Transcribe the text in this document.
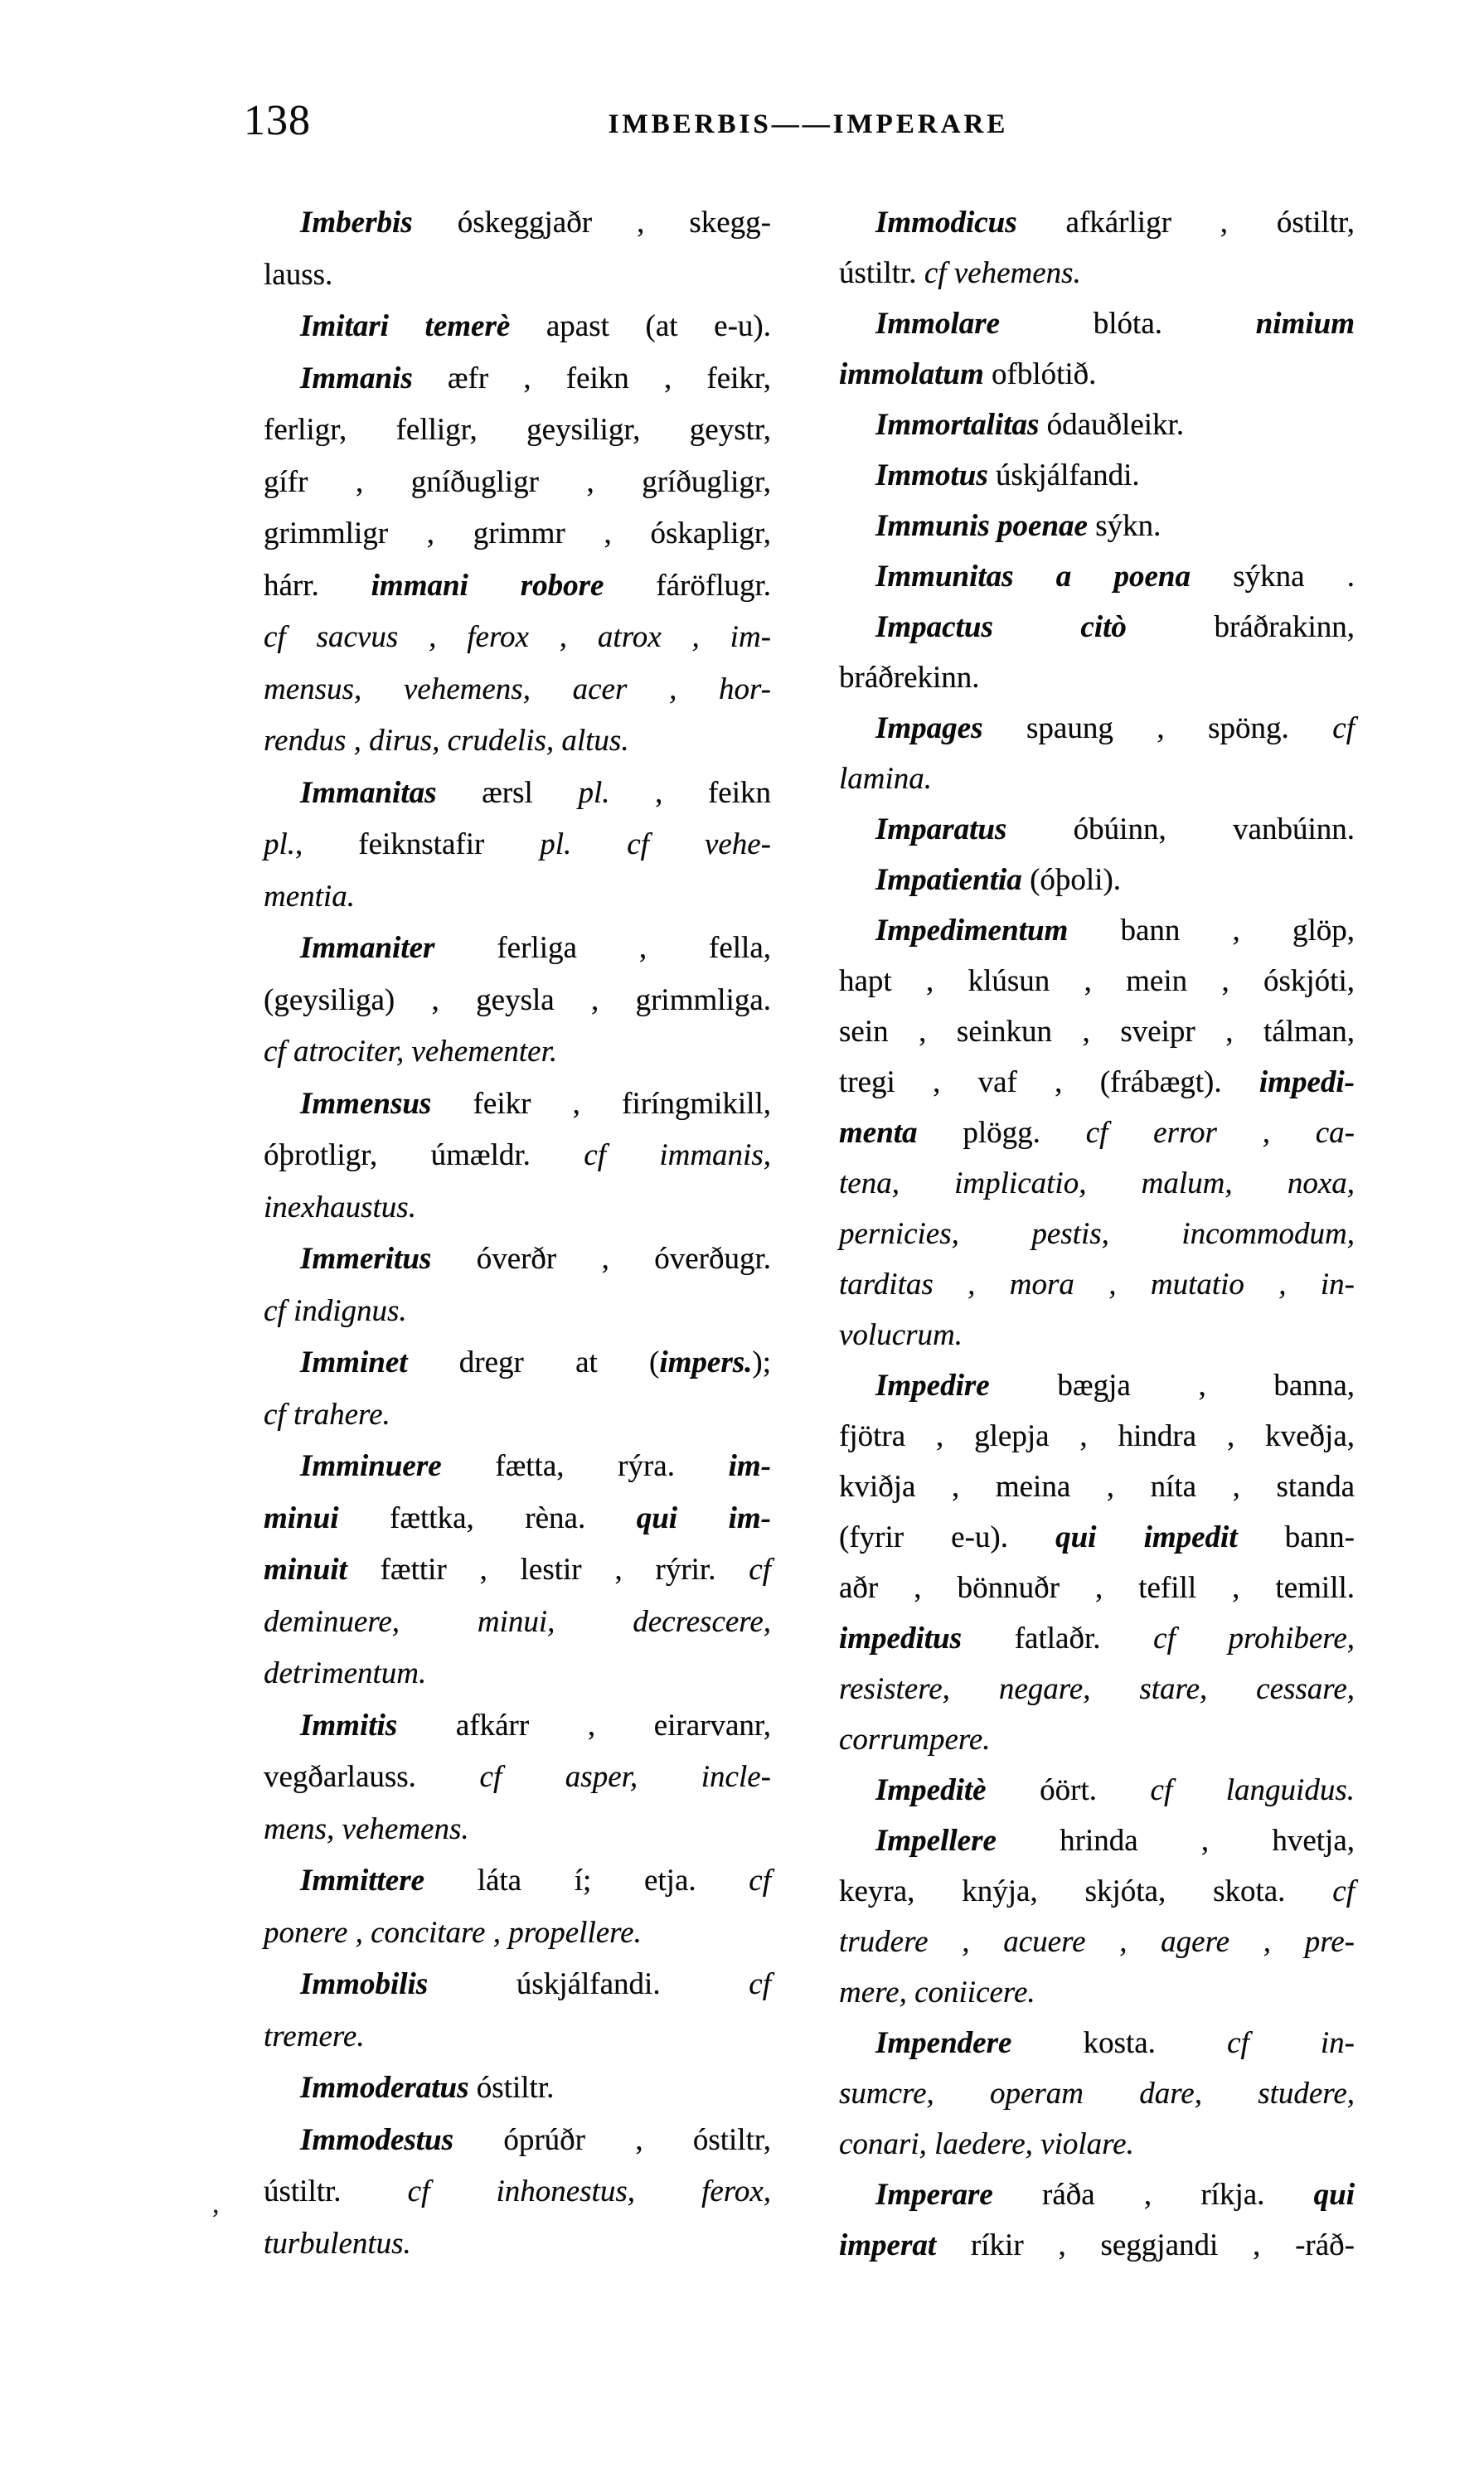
138	IMBERBIS——IMPERARE
Imberbis óskeggjaðr , skegg-
lauss.
Imitari temerè apast (at e-u).
Immanis æfr , feikn , feikr,
ferligr, felligr, geysiligr, geystr,
gífr , gníðugligr , gríðugligr,
grimmligr , grimmr , óskapligr,
hárr. immani robore fáröflugr.
cf sacvus , ferox , atrox , im-
mensus, vehemens, acer , hor-
rendus , dirus, crudelis, altus.
Immanitas ærsl pl. , feikn
pl., feiknstafir pl. cf vehe-
mentia.
Immaniter ferliga , fella,
(geysiliga) , geysla , grimmliga.
cf atrociter, vehementer.
Immensus feikr , firíngmikill,
óþrotligr, úmældr. cf immanis,
inexhaustus.
Immeritus óverðr , óverðugr.
cf indignus.
Imminet dregr at (impers.);
cf trahere.
Imminuere fætta, rýra. im-
minui fættka, rèna. qui im-
minuit fættir , lestir , rýrir. cf
deminuere, minui, decrescere,
detrimentum.
Immitis afkárr , eirarvanr,
vegðarlauss. cf asper, incle-
mens, vehemens.
Immittere láta í; etja. cf
ponere , concitare , propellere.
Immobilis úskjálfandi. cf
tremere.
Immoderatus óstiltr.
Immodestus óprúðr , óstiltr,
ústiltr. cf inhonestus, ferox,
turbulentus.
Immodicus afkárligr , óstiltr,
ústiltr. cf vehemens.
Immolare blóta. nimium
immolatum ofblótið.
Immortalitas ódauðleikr.
Immotus úskjálfandi.
Immunis poenae sýkn.
Immunitas a poena sýkna .
Impactus citò bráðrakinn,
bráðrekinn.
Impages spaung , spöng. cf
lamina.
Imparatus óbúinn, vanbúinn.
Impatientia (óþoli).
Impedimentum bann , glöp,
hapt , klúsun , mein , óskjóti,
sein , seinkun , sveipr , tálman,
tregi , vaf , (frábægt). impedi-
menta plögg. cf error , ca-
tena, implicatio, malum, noxa,
pernicies, pestis, incommodum,
tarditas , mora , mutatio , in-
volucrum.
Impedire bægja , banna,
fjötra , glepja , hindra , kveðja,
kviðja , meina , níta , standa
(fyrir e-u). qui impedit bann-
aðr , bönnuðr , tefill , temill.
impeditus fatlaðr. cf prohibere,
resistere, negare, stare, cessare,
corrumpere.
Impeditè óört. cf languidus.
Impellere hrinda , hvetja,
keyra, knýja, skjóta, skota. cf
trudere , acuere , agere , pre-
mere, coniicere.
Impendere kosta. cf in-
sumcre, operam dare, studere,
conari, laedere, violare.
Imperare ráða , ríkja. qui
imperat ríkir , seggjandi , -ráð-
,
